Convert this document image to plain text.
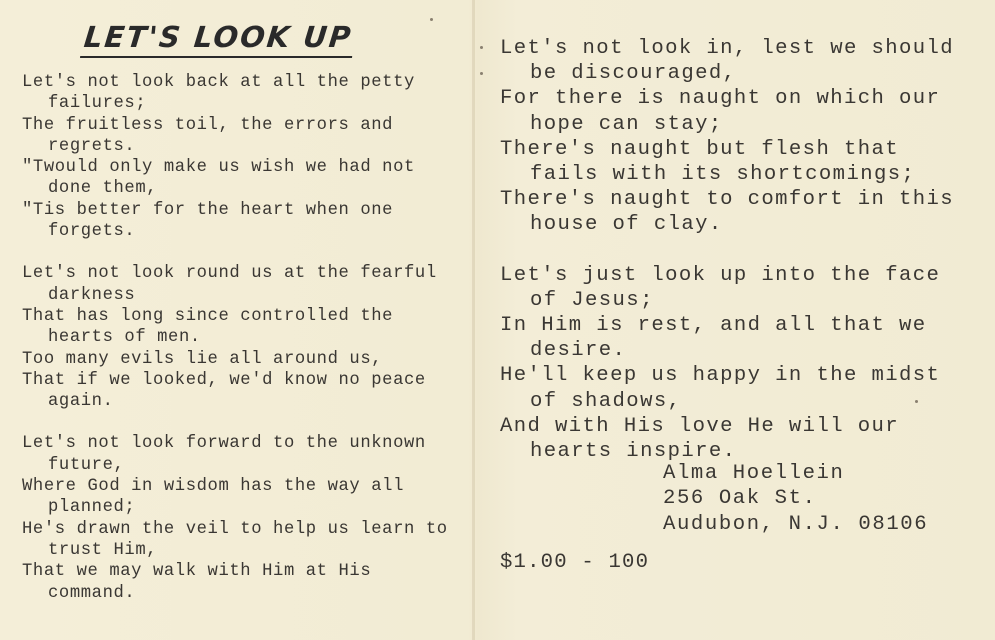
LET'S LOOK UP
Let's not look back at all the petty failures;
The fruitless toil, the errors and regrets.
"Twould only make us wish we had not done them,
"Tis better for the heart when one forgets.
Let's not look round us at the fearful darkness
That has long since controlled the hearts of men.
Too many evils lie all around us,
That if we looked, we'd know no peace again.
Let's not look forward to the unknown future,
Where God in wisdom has the way all planned;
He's drawn the veil to help us learn to trust Him,
That we may walk with Him at His command.
Let's not look in, lest we should be discouraged,
For there is naught on which our hope can stay;
There's naught but flesh that fails with its shortcomings;
There's naught to comfort in this house of clay.
Let's just look up into the face of Jesus;
In Him is rest, and all that we desire.
He'll keep us happy in the midst of shadows,
And with His love He will our hearts inspire.
Alma Hoellein
256 Oak St.
Audubon, N.J. 08106
$1.00 - 100
